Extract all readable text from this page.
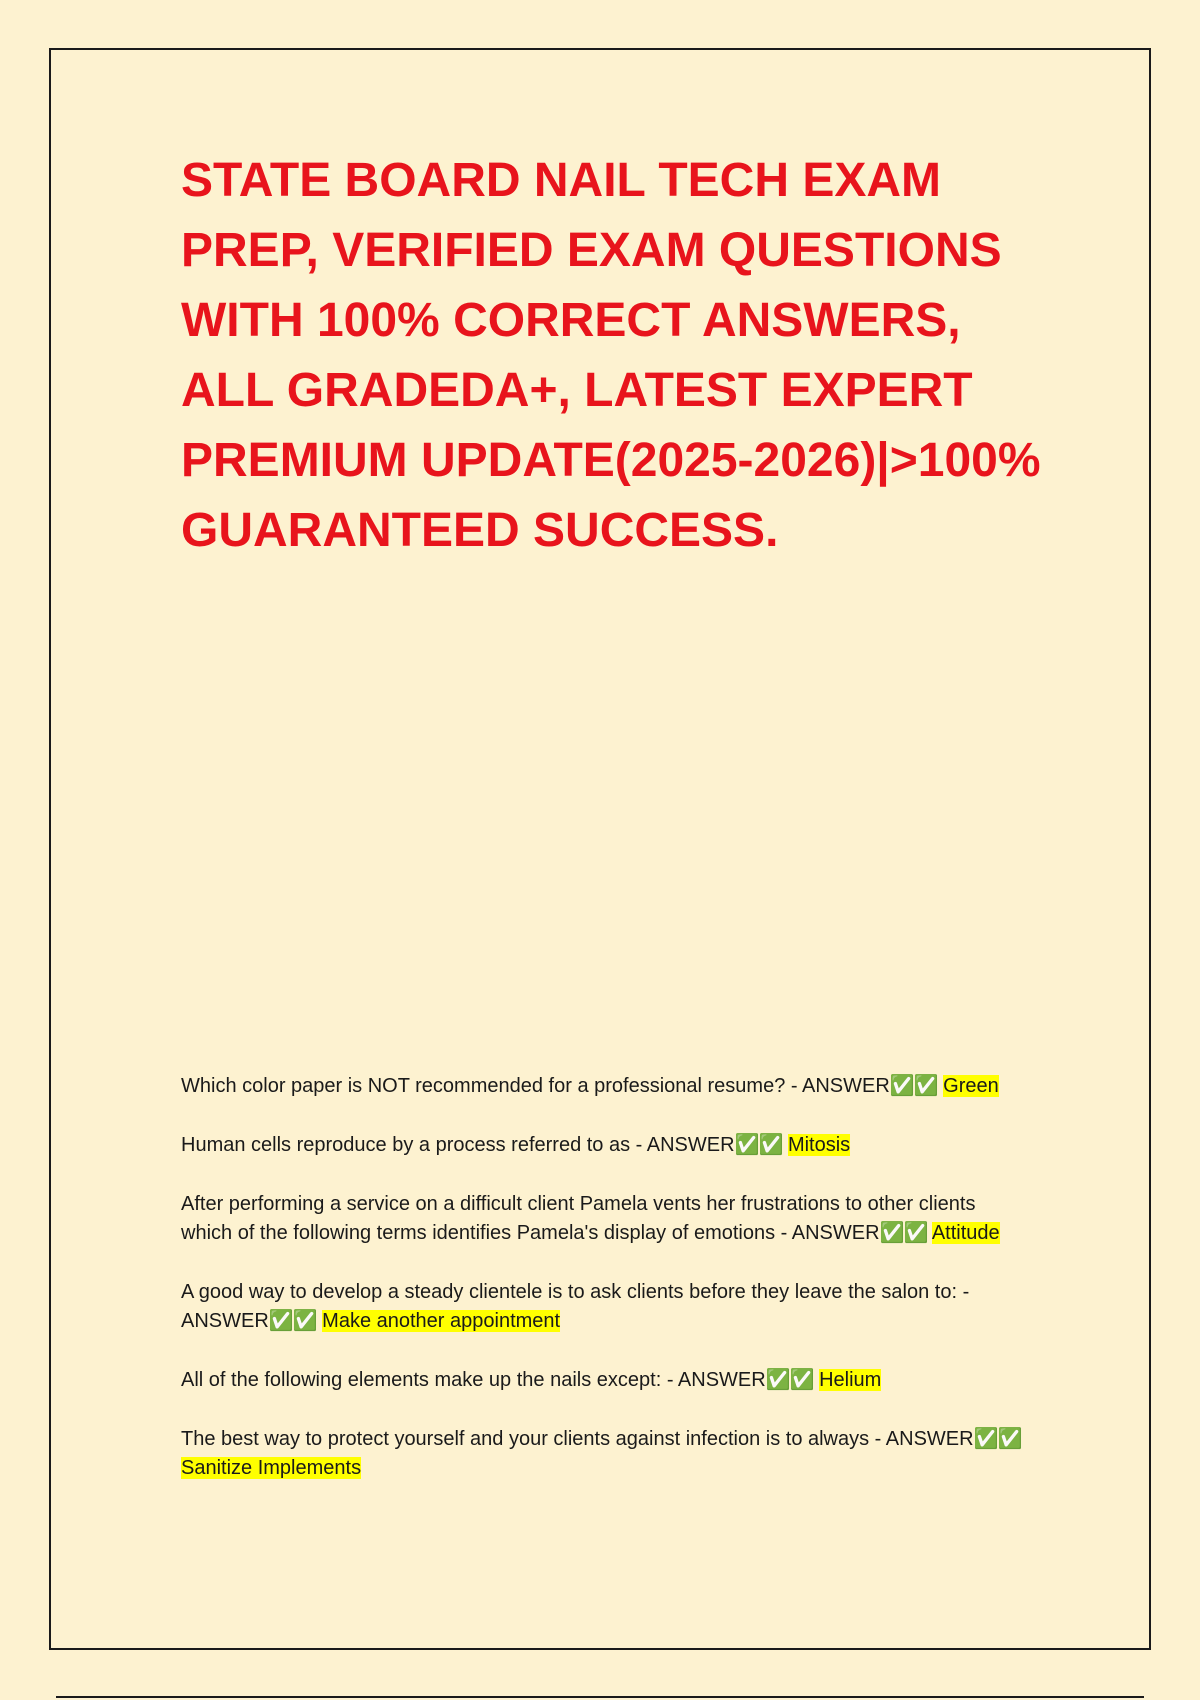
STATE BOARD NAIL TECH EXAM PREP, VERIFIED EXAM QUESTIONS WITH 100% CORRECT ANSWERS, ALL GRADEDA+, LATEST EXPERT PREMIUM UPDATE(2025-2026)|>100% GUARANTEED SUCCESS.
Which color paper is NOT recommended for a professional resume? - ANSWER✅✅ Green
Human cells reproduce by a process referred to as - ANSWER✅✅ Mitosis
After performing a service on a difficult client Pamela vents her frustrations to other clients which of the following terms identifies Pamela's display of emotions - ANSWER✅✅ Attitude
A good way to develop a steady clientele is to ask clients before they leave the salon to: - ANSWER✅✅ Make another appointment
All of the following elements make up the nails except: - ANSWER✅✅ Helium
The best way to protect yourself and your clients against infection is to always - ANSWER✅✅ Sanitize Implements
